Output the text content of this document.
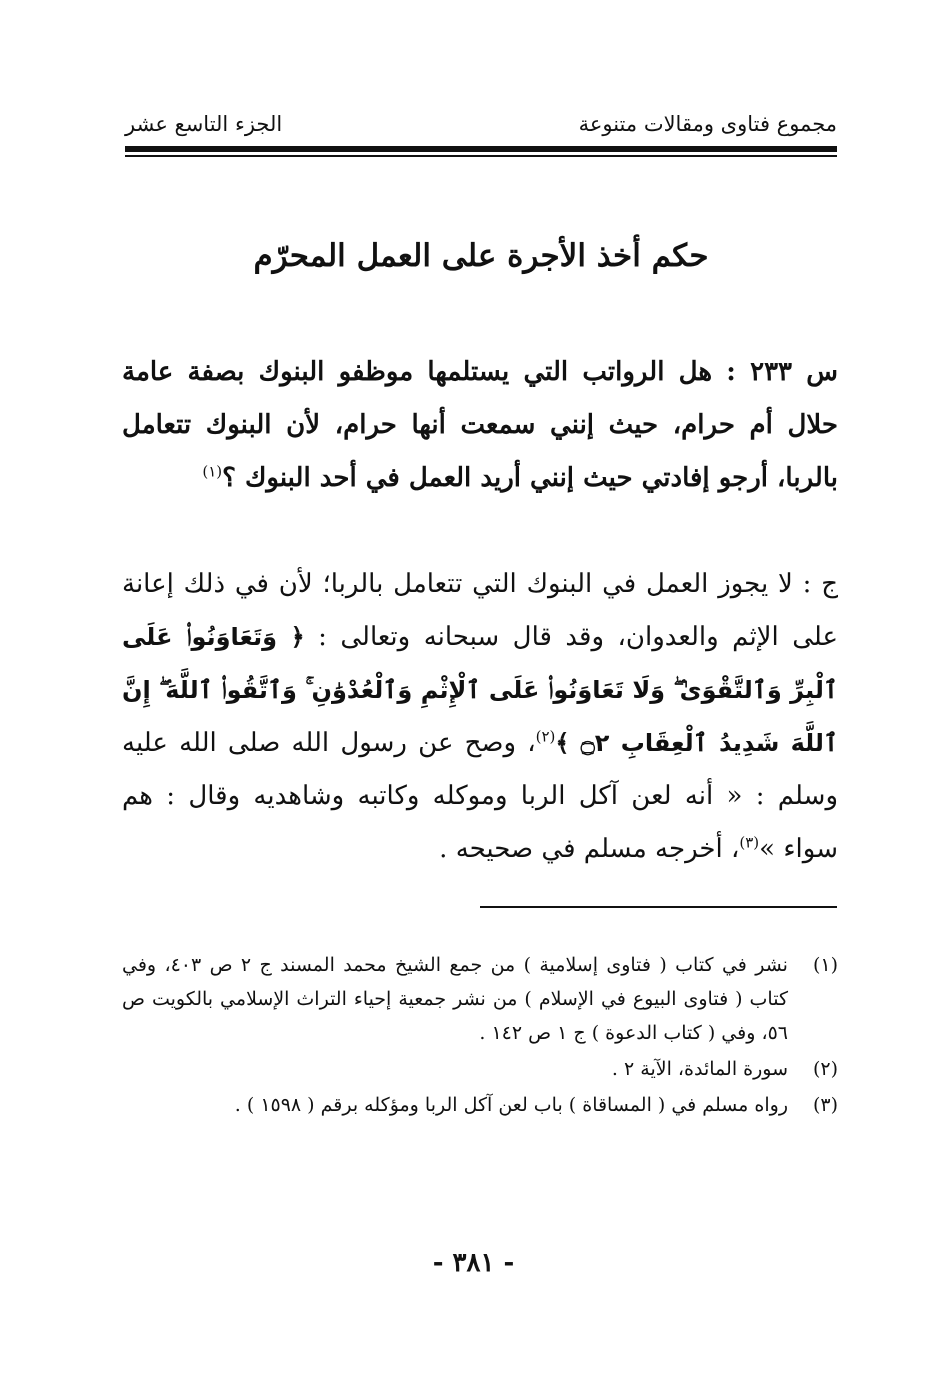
مجموع فتاوى ومقالات متنوعة
الجزء التاسع عشر
حكم أخذ الأجرة على العمل المحرّم
س ٢٣٣ : هل الرواتب التي يستلمها موظفو البنوك بصفة عامة حلال أم حرام، حيث إنني سمعت أنها حرام، لأن البنوك تتعامل بالربا، أرجو إفادتي حيث إنني أريد العمل في أحد البنوك ؟$^{(١)}$
ج : لا يجوز العمل في البنوك التي تتعامل بالربا؛ لأن في ذلك إعانة على الإثم والعدوان، وقد قال سبحانه وتعالى : ﴿ وَتَعَاوَنُوا۟ عَلَى ٱلْبِرِّ وَٱلتَّقْوَىٰ ۖ وَلَا تَعَاوَنُوا۟ عَلَى ٱلْإِثْمِ وَٱلْعُدْوَٰنِ ۚ وَٱتَّقُوا۟ ٱللَّهَ ۖ إِنَّ ٱللَّهَ شَدِيدُ ٱلْعِقَابِ ۝٢ ﴾$^{(٢)}$، وصح عن رسول الله صلى الله عليه وسلم : « أنه لعن آكل الربا وموكله وكاتبه وشاهديه وقال : هم سواء »$^{(٣)}$، أخرجه مسلم في صحيحه .
(١)
نشر في كتاب ( فتاوى إسلامية ) من جمع الشيخ محمد المسند ج ٢ ص ٤٠٣، وفي كتاب ( فتاوى البيوع في الإسلام ) من نشر جمعية إحياء التراث الإسلامي بالكويت ص ٥٦، وفي ( كتاب الدعوة ) ج ١ ص ١٤٢ .
(٢)
سورة المائدة، الآية ٢ .
(٣)
رواه مسلم في ( المساقاة ) باب لعن آكل الربا ومؤكله برقم ( ١٥٩٨ ) .
- ٣٨١ -
